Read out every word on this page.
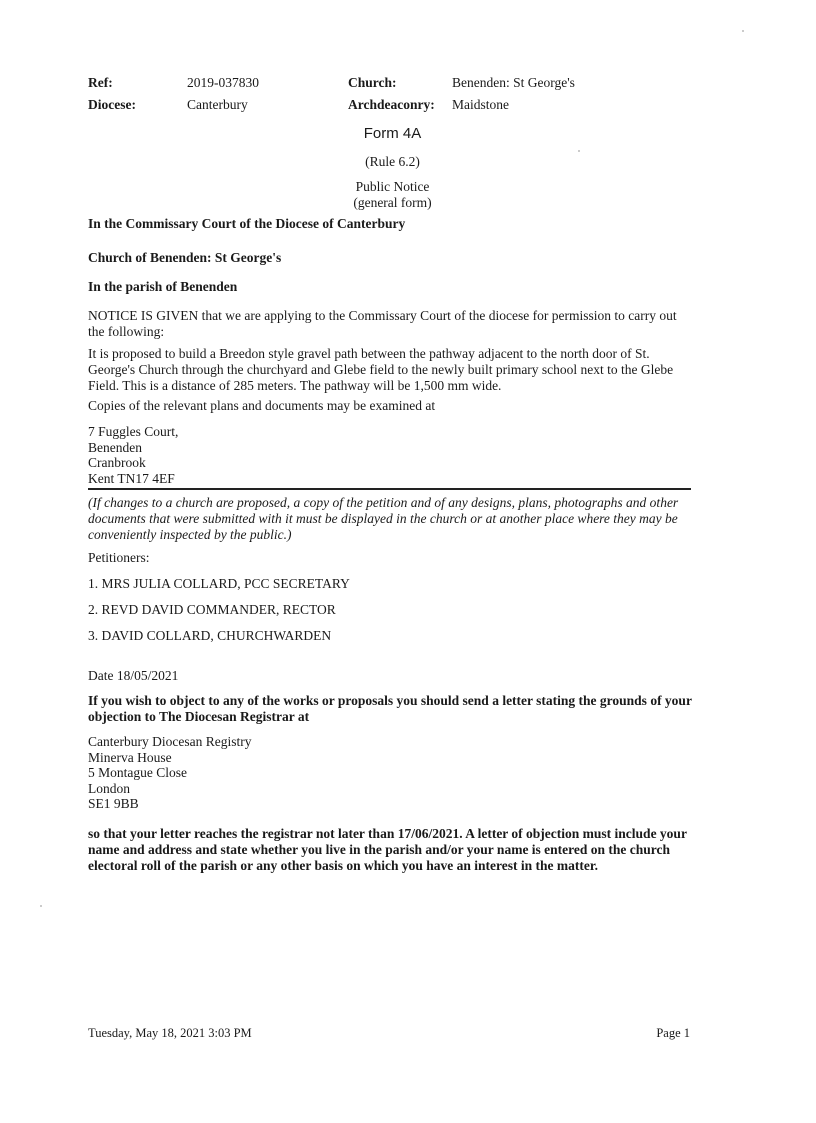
Ref:	2019-037830	Church:	Benenden: St George's
Diocese:	Canterbury	Archdeaconry: Maidstone
Form 4A
(Rule 6.2)
Public Notice
(general form)
In the Commissary Court of the Diocese of Canterbury
Church of Benenden: St George's
In the parish of Benenden
NOTICE IS GIVEN that we are applying to the Commissary Court of the diocese for permission to carry out the following:
It is proposed to build a Breedon style gravel path between the pathway adjacent to the north door of St. George's Church through the churchyard and Glebe field to the newly built primary school next to the Glebe Field. This is a distance of 285 meters. The pathway will be 1,500 mm wide.
Copies of the relevant plans and documents may be examined at
7 Fuggles Court,
Benenden
Cranbrook
Kent TN17 4EF
(If changes to a church are proposed, a copy of the petition and of any designs, plans, photographs and other documents that were submitted with it must be displayed in the church or at another place where they may be conveniently inspected by the public.)
Petitioners:
1. MRS JULIA COLLARD, PCC SECRETARY
2. REVD DAVID COMMANDER, RECTOR
3. DAVID COLLARD, CHURCHWARDEN
Date 18/05/2021
If you wish to object to any of the works or proposals you should send a letter stating the grounds of your objection to The Diocesan Registrar at
Canterbury Diocesan Registry
Minerva House
5 Montague Close
London
SE1 9BB
so that your letter reaches the registrar not later than 17/06/2021. A letter of objection must include your name and address and state whether you live in the parish and/or your name is entered on the church electoral roll of the parish or any other basis on which you have an interest in the matter.
Tuesday, May 18, 2021 3:03 PM	Page 1
